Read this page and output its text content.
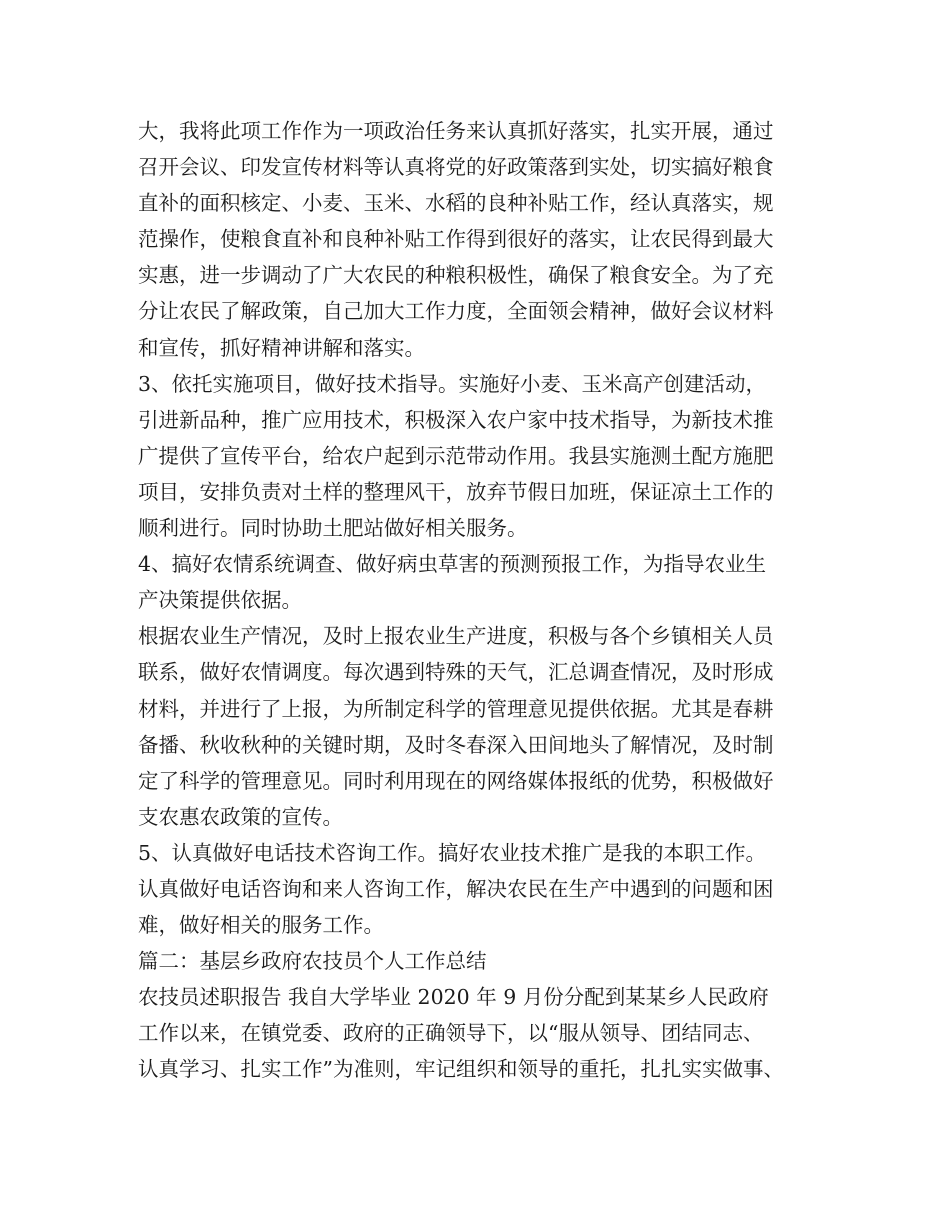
大，我将此项工作作为一项政治任务来认真抓好落实，扎实开展，通过
召开会议、印发宣传材料等认真将党的好政策落到实处，切实搞好粮食
直补的面积核定、小麦、玉米、水稻的良种补贴工作，经认真落实，规
范操作，使粮食直补和良种补贴工作得到很好的落实，让农民得到最大
实惠，进一步调动了广大农民的种粮积极性，确保了粮食安全。为了充
分让农民了解政策，自己加大工作力度，全面领会精神，做好会议材料
和宣传，抓好精神讲解和落实。
3、依托实施项目，做好技术指导。实施好小麦、玉米高产创建活动，
引进新品种，推广应用技术，积极深入农户家中技术指导，为新技术推
广提供了宣传平台，给农户起到示范带动作用。我县实施测土配方施肥
项目，安排负责对土样的整理风干，放弃节假日加班，保证凉土工作的
顺利进行。同时协助土肥站做好相关服务。
4、搞好农情系统调查、做好病虫草害的预测预报工作，为指导农业生
产决策提供依据。
根据农业生产情况，及时上报农业生产进度，积极与各个乡镇相关人员
联系，做好农情调度。每次遇到特殊的天气，汇总调查情况，及时形成
材料，并进行了上报，为所制定科学的管理意见提供依据。尤其是春耕
备播、秋收秋种的关键时期，及时冬春深入田间地头了解情况，及时制
定了科学的管理意见。同时利用现在的网络媒体报纸的优势，积极做好
支农惠农政策的宣传。
5、认真做好电话技术咨询工作。搞好农业技术推广是我的本职工作。
认真做好电话咨询和来人咨询工作，解决农民在生产中遇到的问题和困
难，做好相关的服务工作。
篇二：基层乡政府农技员个人工作总结
农技员述职报告 我自大学毕业 2020 年 9 月份分配到某某乡人民政府
工作以来，在镇党委、政府的正确领导下，以“服从领导、团结同志、
认真学习、扎实工作”为准则，牢记组织和领导的重托，扎扎实实做事、
